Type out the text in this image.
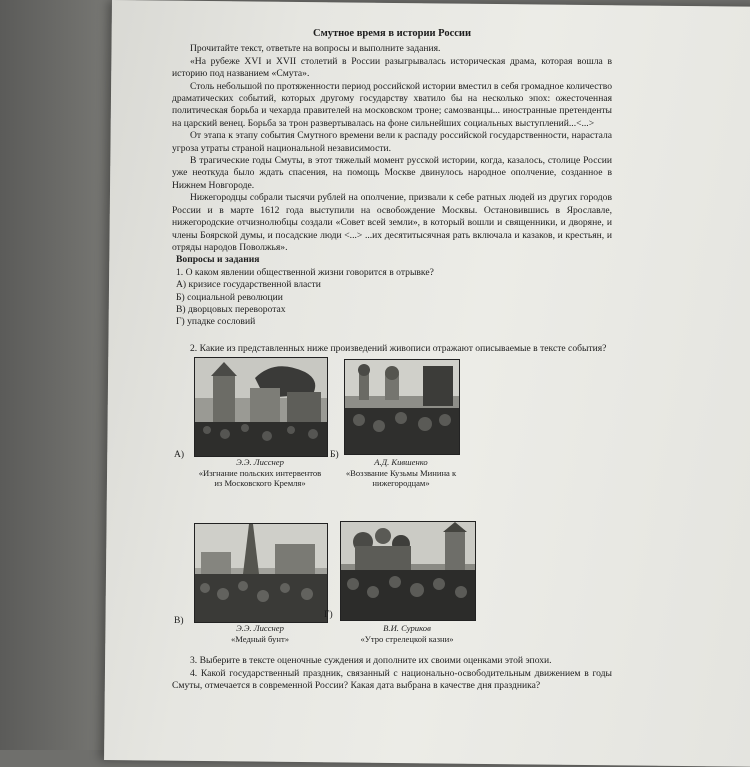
Смутное время в истории России

Прочитайте текст, ответьте на вопросы и выполните задания.

«На рубеже XVI и XVII столетий в России разыгрывалась историческая драма, которая вошла в историю под названием «Смута».

Столь небольшой по протяженности период российской истории вместил в себя громадное количество драматических событий, которых другому государству хватило бы на несколько эпох: ожесточенная политическая борьба и чехарда правителей на московском троне; самозванцы... иностранные претенденты на царский венец. Борьба за трон развертывалась на фоне сильнейших социальных выступлений...<...>

От этапа к этапу события Смутного времени вели к распаду российской государственности, нарастала угроза утраты страной национальной независимости.

В трагические годы Смуты, в этот тяжелый момент русской истории, когда, казалось, столице России уже неоткуда было ждать спасения, на помощь Москве двинулось народное ополчение, созданное в Нижнем Новгороде.

Нижегородцы собрали тысячи рублей на ополчение, призвали к себе ратных людей из других городов России и в марте 1612 года выступили на освобождение Москвы. Остановившись в Ярославле, нижегородские отчизнолюбцы создали «Совет всей земли», в который вошли и священники, и дворяне, и члены Боярской думы, и посадские люди <...> ...их десятитысячная рать включала и казаков, и крестьян, и отряды народов Поволжья».

Вопросы и задания
1. О каком явлении общественной жизни говорится в отрывке?
А) кризисе государственной власти
Б) социальной революции
В) дворцовых переворотах
Г) упадке сословий

2. Какие из представленных ниже произведений живописи отражают описываемые в тексте события?

А)
Э.Э. Лисснер
«Изгнание польских интервентов из Московского Кремля»
Б)
А.Д. Кившенко
«Воззвание Кузьмы Минина к нижегородцам»
В)
Э.Э. Лисснер
«Медный бунт»
Г)
В.И. Суриков
«Утро стрелецкой казни»

3. Выберите в тексте оценочные суждения и дополните их своими оценками этой эпохи.

4. Какой государственный праздник, связанный с национально-освободительным движением в годы Смуты, отмечается в современной России? Какая дата выбрана в качестве дня праздника?
